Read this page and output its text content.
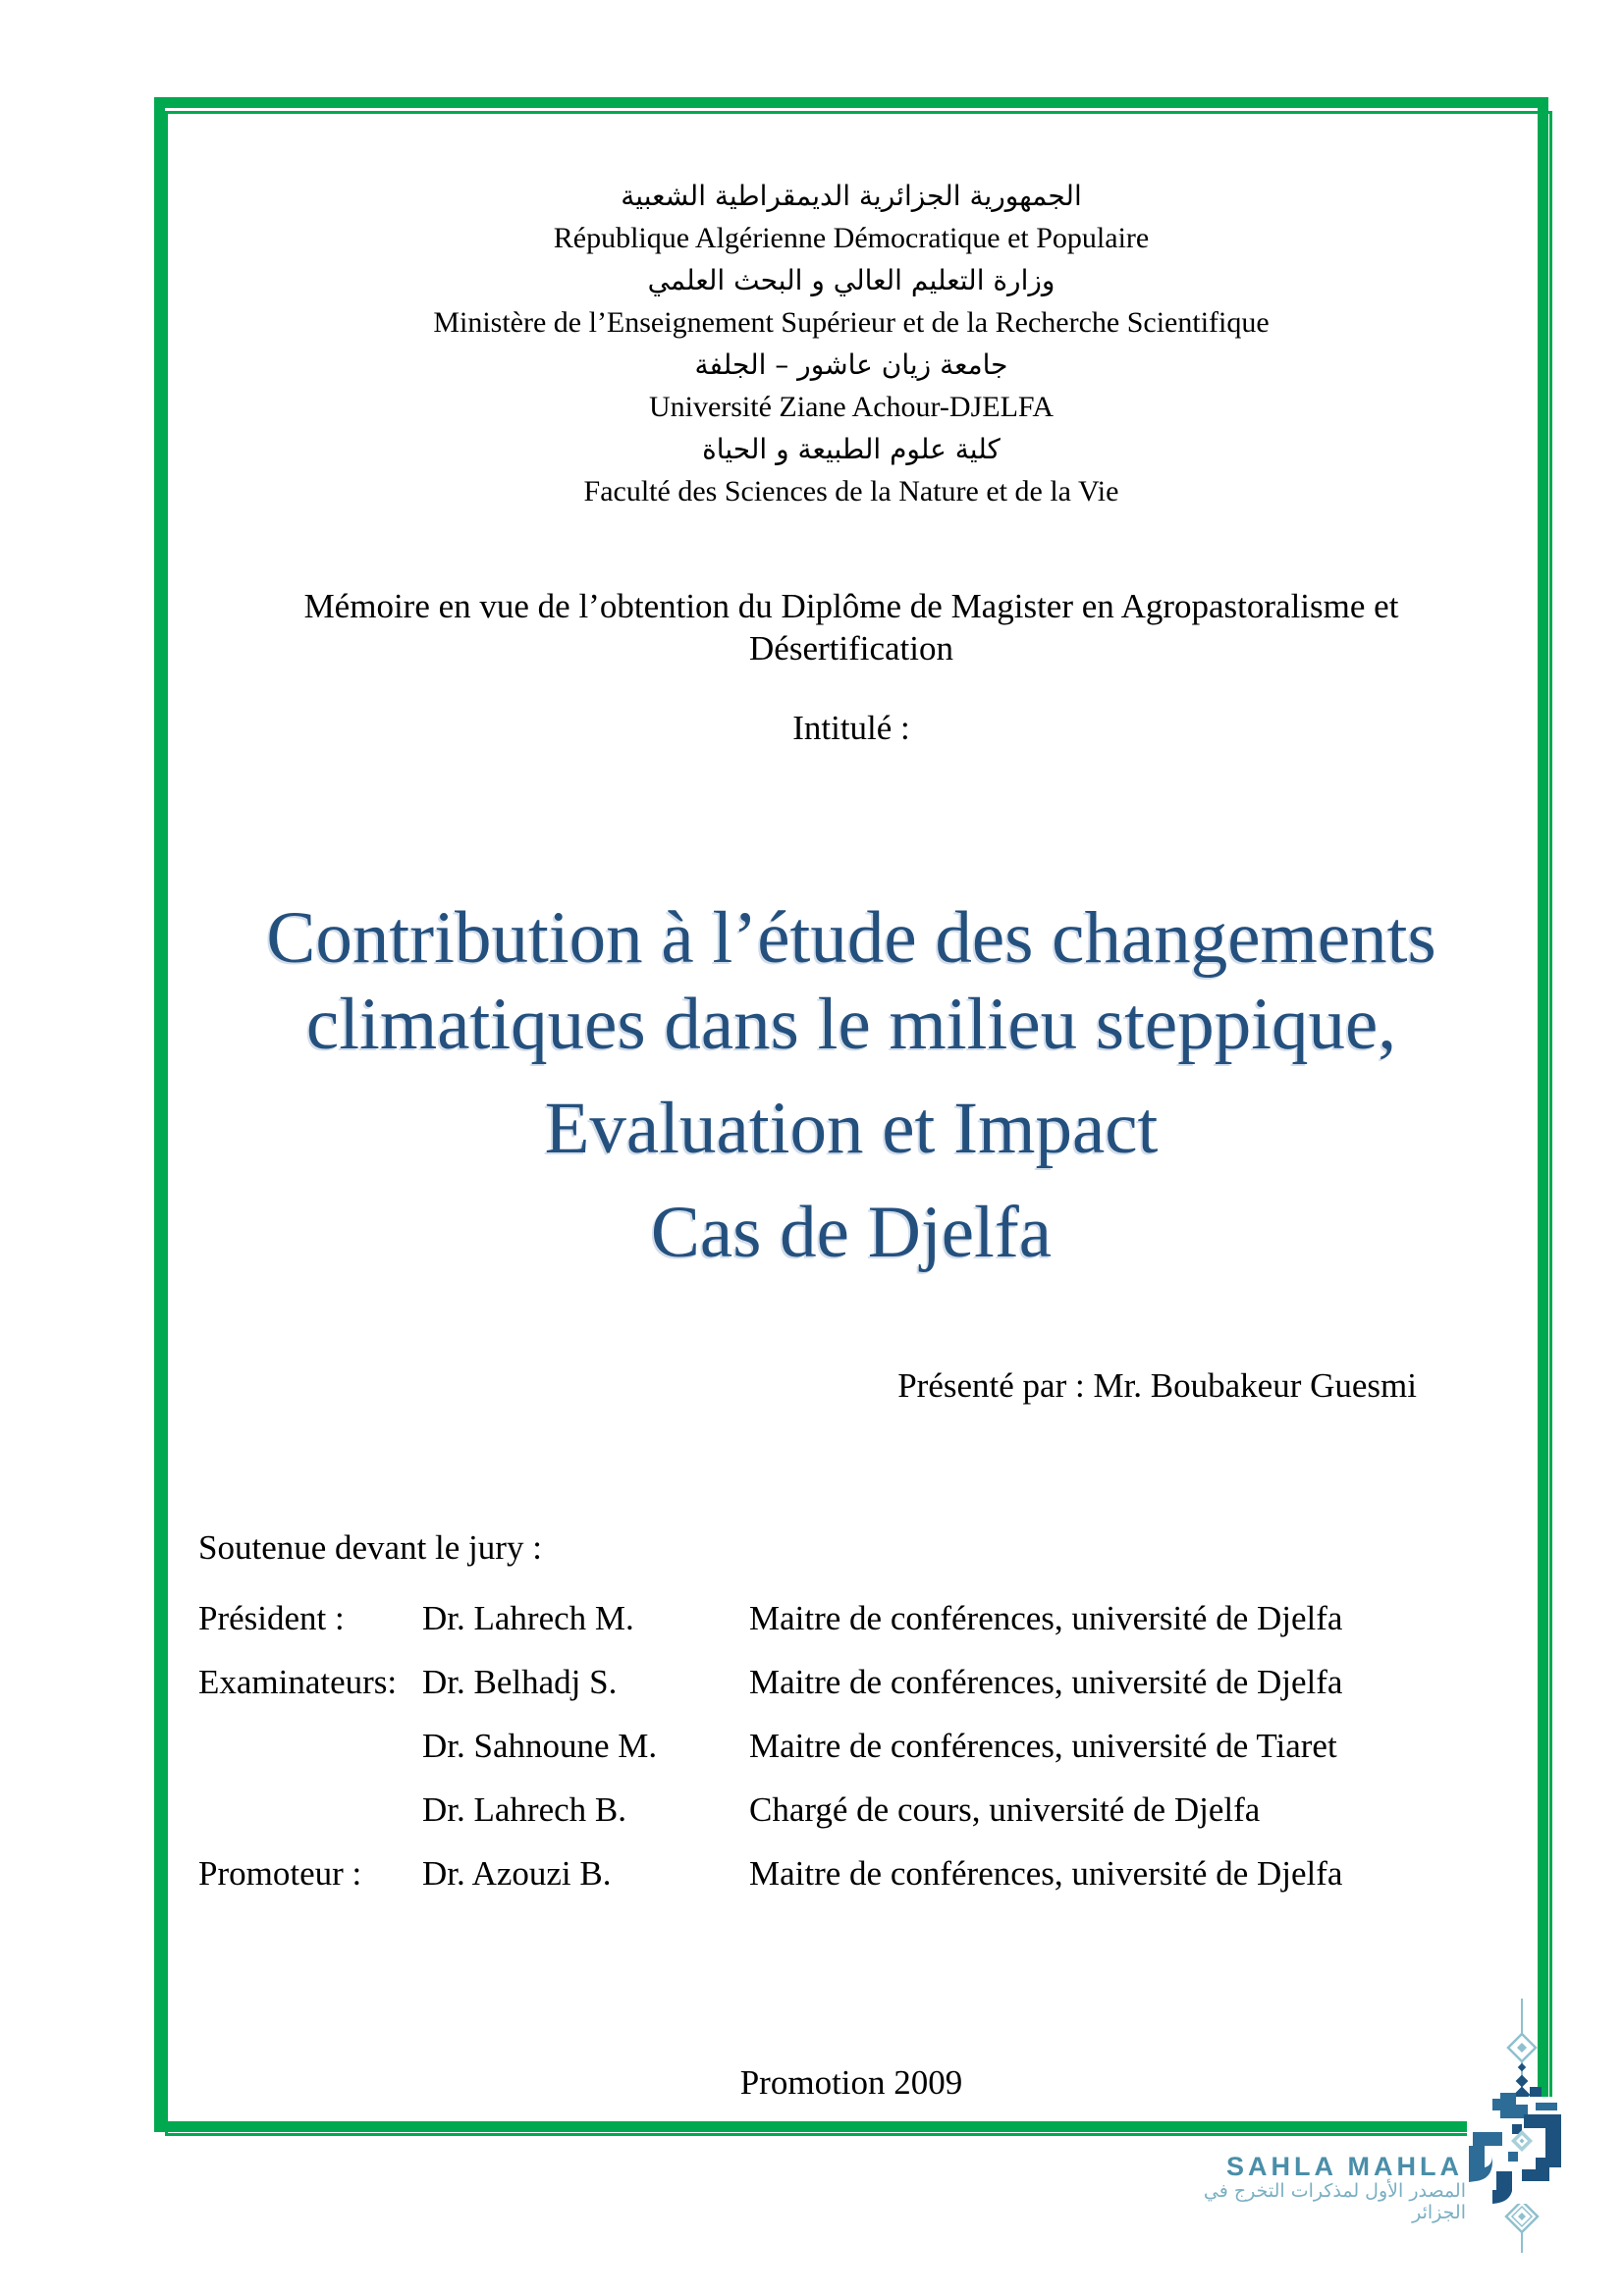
الجمهورية الجزائرية الديمقراطية الشعبية
République Algérienne Démocratique et Populaire
وزارة التعليم العالي و البحث العلمي
Ministère de l’Enseignement Supérieur et de la Recherche Scientifique
جامعة زيان عاشور – الجلفة
Université Ziane Achour-DJELFA
كلية علوم الطبيعة و الحياة
Faculté des Sciences de la Nature et de la Vie
Mémoire en vue de l’obtention du Diplôme de Magister en Agropastoralisme et
Désertification
Intitulé :
Contribution à l’étude des changements
climatiques dans le milieu steppique,
Evaluation et Impact
Cas de Djelfa
Présenté par : Mr. Boubakeur Guesmi
Soutenue devant le jury :
Président :	Dr. Lahrech M.	Maitre de conférences, université de Djelfa
Examinateurs: Dr. Belhadj S.	Maitre de conférences, université de Djelfa
Dr. Sahnoune M.	Maitre de conférences, université de Tiaret
Dr. Lahrech B.	Chargé de cours, université de Djelfa
Promoteur :	Dr. Azouzi B.	Maitre de conférences, université de Djelfa
Promotion 2009
SAHLA MAHLA
المصدر الأول لمذكرات التخرج في الجزائر
